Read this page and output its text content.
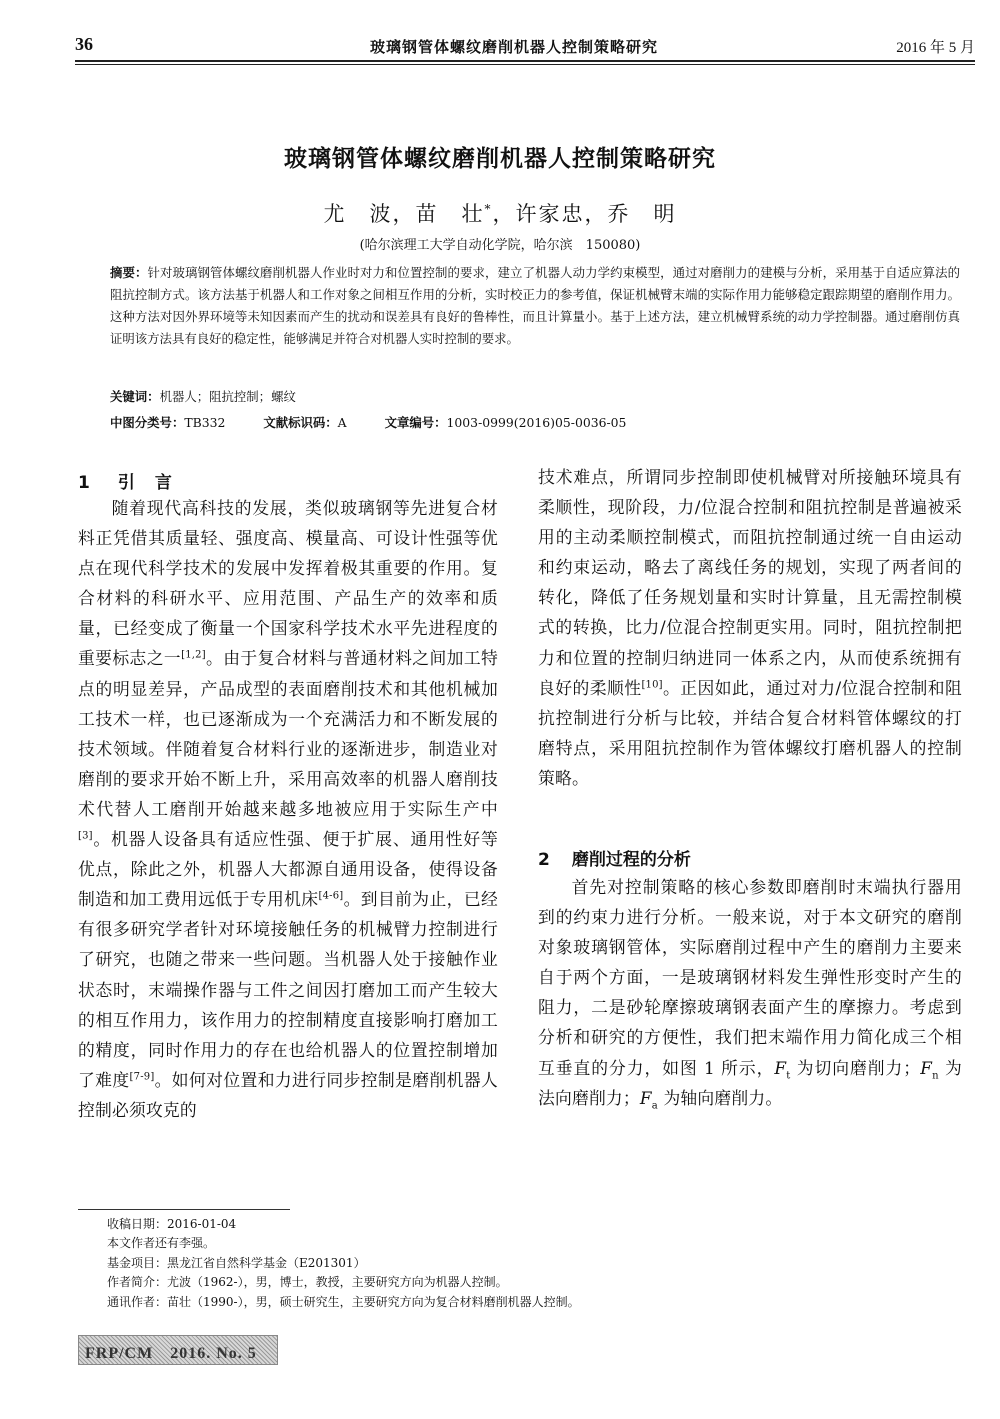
36	玻璃钢管体螺纹磨削机器人控制策略研究	2016 年 5 月
玻璃钢管体螺纹磨削机器人控制策略研究
尤　波，苗　壮*，许家忠，乔　明
(哈尔滨理工大学自动化学院，哈尔滨　150080)
摘要：针对玻璃钢管体螺纹磨削机器人作业时对力和位置控制的要求，建立了机器人动力学约束模型，通过对磨削力的建模与分析，采用基于自适应算法的阻抗控制方式。该方法基于机器人和工作对象之间相互作用的分析，实时校正力的参考值，保证机械臂末端的实际作用力能够稳定跟踪期望的磨削作用力。这种方法对因外界环境等未知因素而产生的扰动和误差具有良好的鲁棒性，而且计算量小。基于上述方法，建立机械臂系统的动力学控制器。通过磨削仿真证明该方法具有良好的稳定性，能够满足并符合对机器人实时控制的要求。
关键词：机器人；阻抗控制；螺纹
中图分类号：TB332	文献标识码：A	文章编号：1003-0999(2016)05-0036-05
1 引言

随着现代高科技的发展，类似玻璃钢等先进复合材料正凭借其质量轻、强度高、模量高、可设计性强等优点在现代科学技术的发展中发挥着极其重要的作用。复合材料的科研水平、应用范围、产品生产的效率和质量，已经变成了衡量一个国家科学技术水平先进程度的重要标志之一[1,2]。由于复合材料与普通材料之间加工特点的明显差异，产品成型的表面磨削技术和其他机械加工技术一样，也已逐渐成为一个充满活力和不断发展的技术领域。伴随着复合材料行业的逐渐进步，制造业对磨削的要求开始不断上升，采用高效率的机器人磨削技术代替人工磨削开始越来越多地被应用于实际生产中[3]。机器人设备具有适应性强、便于扩展、通用性好等优点，除此之外，机器人大都源自通用设备，使得设备制造和加工费用远低于专用机床[4-6]。到目前为止，已经有很多研究学者针对环境接触任务的机械臂力控制进行了研究，也随之带来一些问题。当机器人处于接触作业状态时，末端操作器与工件之间因打磨加工而产生较大的相互作用力，该作用力的控制精度直接影响打磨加工的精度，同时作用力的存在也给机器人的位置控制增加了难度[7-9]。如何对位置和力进行同步控制是磨削机器人控制必须攻克的

技术难点，所谓同步控制即使机械臂对所接触环境具有柔顺性，现阶段，力/位混合控制和阻抗控制是普遍被采用的主动柔顺控制模式，而阻抗控制通过统一自由运动和约束运动，略去了离线任务的规划，实现了两者间的转化，降低了任务规划量和实时计算量，且无需控制模式的转换，比力/位混合控制更实用。同时，阻抗控制把力和位置的控制归纳进同一体系之内，从而使系统拥有良好的柔顺性[10]。正因如此，通过对力/位混合控制和阻抗控制进行分析与比较，并结合复合材料管体螺纹的打磨特点，采用阻抗控制作为管体螺纹打磨机器人的控制策略。

2 磨削过程的分析

首先对控制策略的核心参数即磨削时末端执行器用到的约束力进行分析。一般来说，对于本文研究的磨削对象玻璃钢管体，实际磨削过程中产生的磨削力主要来自于两个方面，一是玻璃钢材料发生弹性形变时产生的阻力，二是砂轮摩擦玻璃钢表面产生的摩擦力。考虑到分析和研究的方便性，我们把末端作用力简化成三个相互垂直的分力，如图 1 所示，$F_t$ 为切向磨削力；$F_n$ 为法向磨削力；$F_a$ 为轴向磨削力。

收稿日期：2016-01-04
本文作者还有李强。
基金项目：黑龙江省自然科学基金（E201301）
作者简介：尤波（1962-），男，博士，教授，主要研究方向为机器人控制。
通讯作者：苗壮（1990-），男，硕士研究生，主要研究方向为复合材料磨削机器人控制。
FRP/CM　2016. No. 5
